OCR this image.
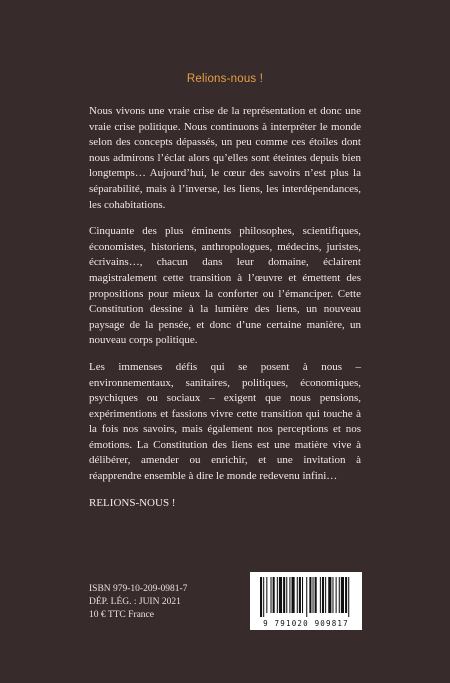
Relions-nous !

Nous vivons une vraie crise de la représentation et donc une vraie crise politique. Nous continuons à interpréter le monde selon des concepts dépassés, un peu comme ces étoiles dont nous admirons l’éclat alors qu’elles sont éteintes depuis bien longtemps… Aujourd’hui, le cœur des savoirs n’est plus la séparabilité, mais à l’inverse, les liens, les interdépendances, les cohabitations.

Cinquante des plus éminents philosophes, scientifiques, économistes, historiens, anthropologues, médecins, juristes, écrivains…, chacun dans leur domaine, éclairent magistralement cette transition à l’œuvre et émettent des propositions pour mieux la conforter ou l’émanciper. Cette Constitution dessine à la lumière des liens, un nouveau paysage de la pensée, et donc d’une certaine manière, un nouveau corps politique.

Les immenses défis qui se posent à nous – environnementaux, sanitaires, politiques, économiques, psychiques ou sociaux – exigent que nous pensions, expérimentions et fassions vivre cette transition qui touche à la fois nos savoirs, mais également nos perceptions et nos émotions. La Constitution des liens est une matière vive à délibérer, amender ou enrichir, et une invitation à réapprendre ensemble à dire le monde redevenu infini…

RELIONS-NOUS !

ISBN 979-10-209-0981-7
DÉP. LÉG. : JUIN 2021
10 € TTC France
9 791020 909817
